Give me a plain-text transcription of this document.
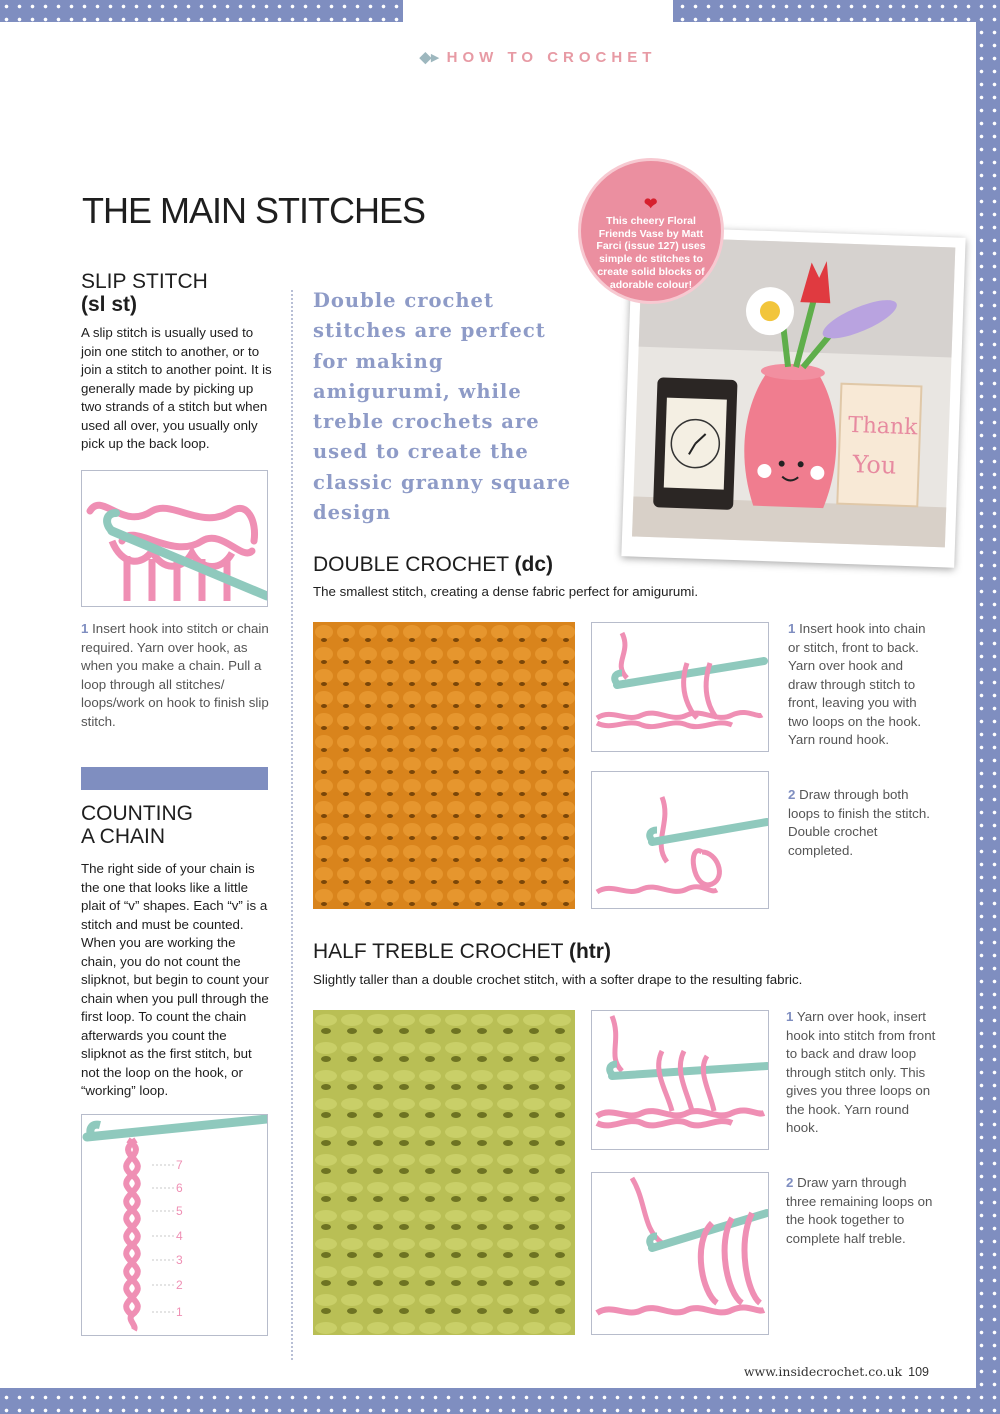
◆▸ HOW TO CROCHET
THE MAIN STITCHES
SLIP STITCH
(sl st)

A slip stitch is usually used to join one stitch to another, or to join a stitch to another point. It is generally made by picking up two strands of a stitch but when used all over, you usually only pick up the back loop.

1 Insert hook into stitch or chain required. Yarn over hook, as when you make a chain. Pull a loop through all stitches/ loops/work on hook to finish slip stitch.

COUNTING
A CHAIN

The right side of your chain is the one that looks like a little plait of “v” shapes. Each “v” is a stitch and must be counted. When you are working the chain, you do not count the slipknot, but begin to count your chain when you pull through the first loop. To count the chain afterwards you count the slipknot as the first stitch, but not the loop on the hook, or “working” loop.

7
6
5
4
3
2
1

Double crochet stitches are perfect for making amigurumi, while treble crochets are used to create the classic granny square design

Thank
You
❤
This cheery Floral Friends Vase by Matt Farci (issue 127) uses simple dc stitches to create solid blocks of adorable colour!
DOUBLE CROCHET (dc)

The smallest stitch, creating a dense fabric perfect for amigurumi.

1 Insert hook into chain or stitch, front to back. Yarn over hook and draw through stitch to front, leaving you with two loops on the hook. Yarn round hook.

2 Draw through both loops to finish the stitch. Double crochet completed.

HALF TREBLE CROCHET (htr)

Slightly taller than a double crochet stitch, with a softer drape to the resulting fabric.

1 Yarn over hook, insert hook into stitch from front to back and draw loop through stitch only. This gives you three loops on the hook. Yarn round hook.

2 Draw yarn through three remaining loops on the hook together to complete half treble.

www.insidecrochet.co.uk 109
